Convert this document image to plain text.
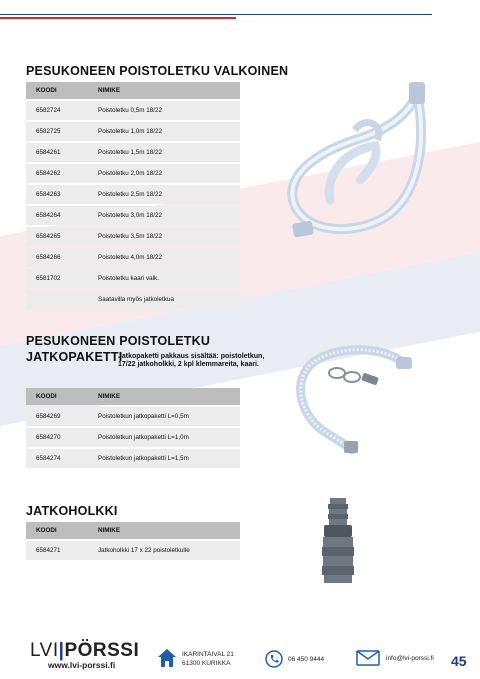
PESUKONEEN POISTOLETKU VALKOINEN
KOODI	NIMIKE
6582724	Poistoletku 0,5m 18/22
6582725	Poistoletku 1,0m 18/22
6584261	Poistoletku 1,5m 18/22
6584262	Poistoletku 2,0m 18/22
6584263	Poistoletku 2,5m 18/22
6584264	Poistoletku 3,0m 18/22
6584265	Poistoletku 3,5m 18/22
6584266	Poistoletku 4,0m 18/22
6581702	Poistoletku kaari valk.
	Saatavilla myös jatkoletkua
PESUKONEEN POISTOLETKU
JATKOPAKETTI
Jatkopaketti pakkaus sisältää: poistoletkun, 17/22 jatkoholkki, 2 kpl klemmareita, kaari.
KOODI	NIMIKE
6584269	Poistoletkun jatkopaketti L=0,5m
6584270	Poistoletkun jatkopaketti L=1,0m
6584274	Poistoletkun jatkopaketti L=1,5m
JATKOHOLKKI
KOODI	NIMIKE
6584271	Jatkoholkki 17 x 22 poistoletkulle
LVI|PÖRSSI
www.lvi-porssi.fi
IKARINTAIVAL 21
61300 KURIKKA
06 450 9444	info@lvi-porssi.fi 45
